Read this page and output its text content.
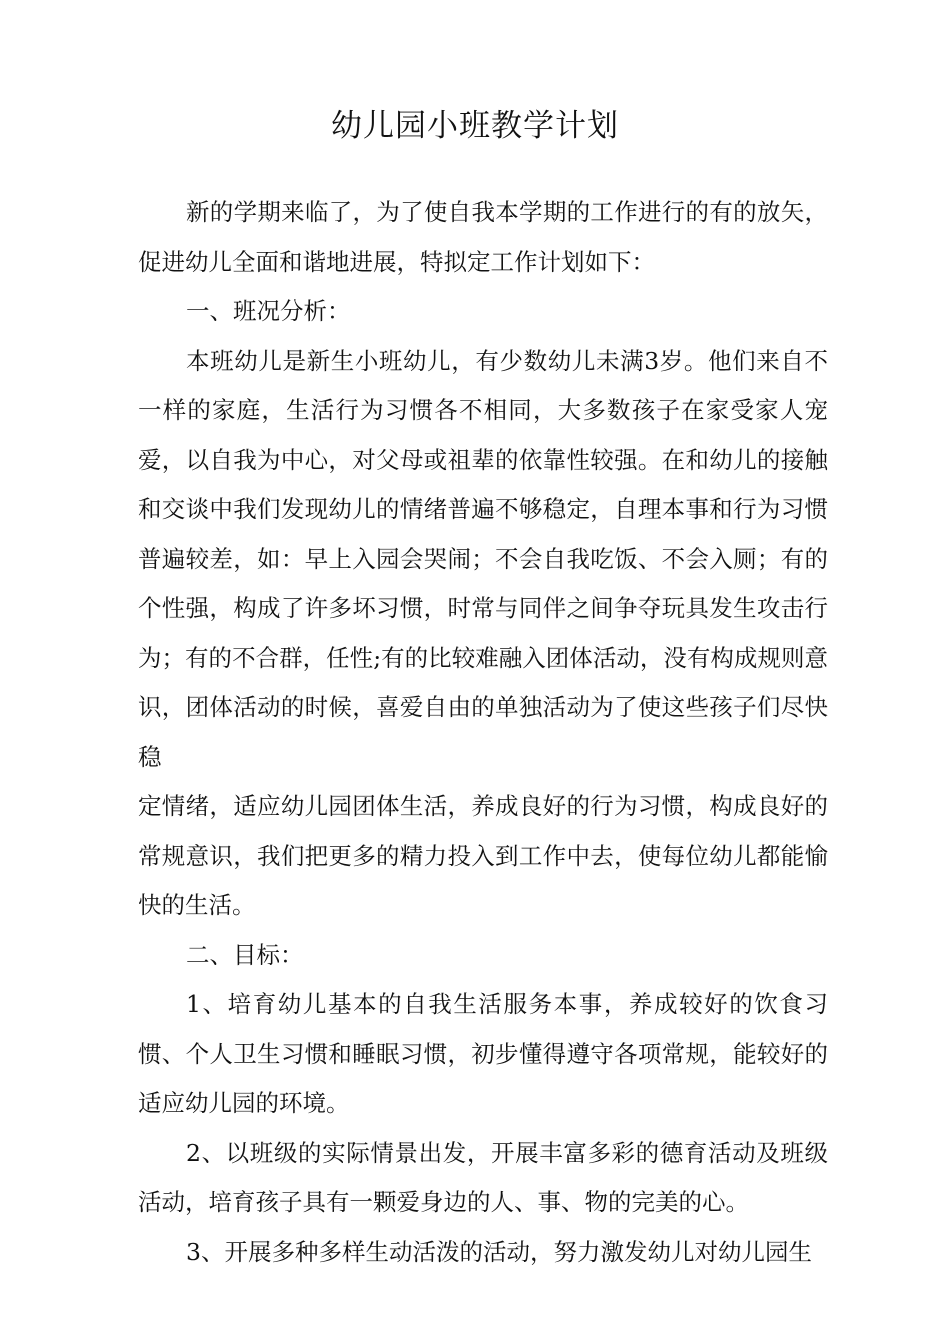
幼儿园小班教学计划

新的学期来临了，为了使自我本学期的工作进行的有的放矢，促进幼儿全面和谐地进展，特拟定工作计划如下：

一、班况分析：

本班幼儿是新生小班幼儿，有少数幼儿未满3岁。他们来自不一样的家庭，生活行为习惯各不相同，大多数孩子在家受家人宠爱，以自我为中心，对父母或祖辈的依靠性较强。在和幼儿的接触和交谈中我们发现幼儿的情绪普遍不够稳定，自理本事和行为习惯普遍较差，如：早上入园会哭闹；不会自我吃饭、不会入厕；有的个性强，构成了许多坏习惯，时常与同伴之间争夺玩具发生攻击行为；有的不合群，任性;有的比较难融入团体活动，没有构成规则意识，团体活动的时候，喜爱自由的单独活动为了使这些孩子们尽快稳

定情绪，适应幼儿园团体生活，养成良好的行为习惯，构成良好的常规意识，我们把更多的精力投入到工作中去，使每位幼儿都能愉快的生活。

二、目标：

1、培育幼儿基本的自我生活服务本事，养成较好的饮食习惯、个人卫生习惯和睡眠习惯，初步懂得遵守各项常规，能较好的适应幼儿园的环境。

2、以班级的实际情景出发，开展丰富多彩的德育活动及班级活动，培育孩子具有一颗爱身边的人、事、物的完美的心。

3、开展多种多样生动活泼的活动，努力激发幼儿对幼儿园生
